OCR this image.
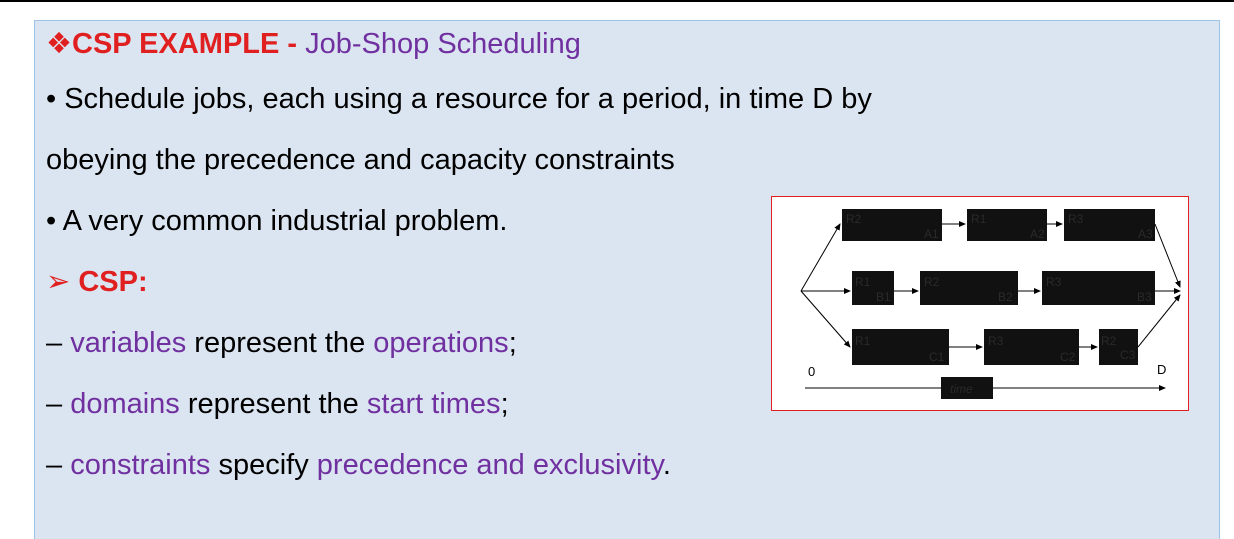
❖CSP EXAMPLE - Job-Shop Scheduling
• Schedule jobs, each using a resource for a period, in time D by
obeying the precedence and capacity constraints
• A very common industrial problem.
➢ CSP:
– variables represent the operations;
– domains represent the start times;
– constraints specify precedence and exclusivity.
R2
A1
R1
A2
R3
A3
R1
B1
R2
B2
R3
B3
R1
C1
R3
C2
R2
C3
0	D
time
